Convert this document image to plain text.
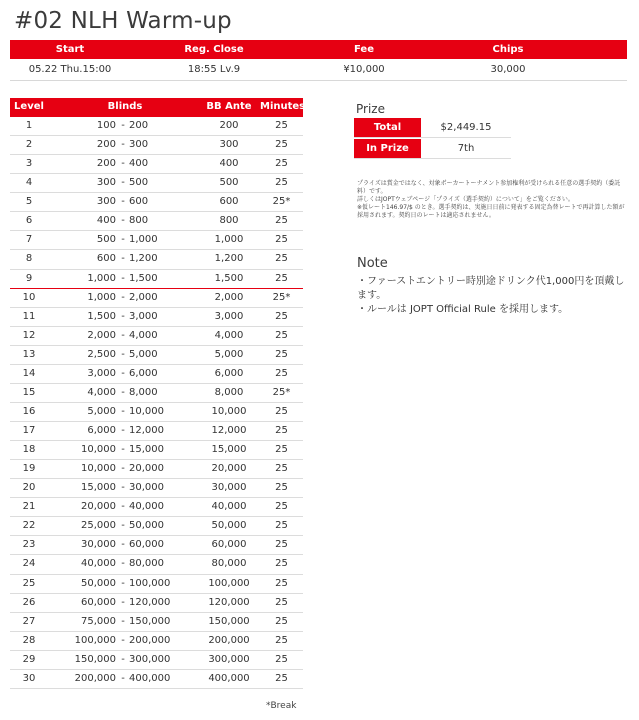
#02 NLH Warm-up
Start	Reg. Close	Fee	Chips
05.22 Thu.15:00	18:55 Lv.9	¥10,000	30,000
Level	Blinds	BB Ante Minutes
1	100 - 200	200	25
2	200 - 300	300	25
3	200 - 400	400	25
4	300 - 500	500	25
5	300 - 600	600	25*
6	400 - 800	800	25
7	500 - 1,000	1,000	25
8	600 - 1,200	1,200	25
9	1,000 - 1,500	1,500	25
10	1,000 - 2,000	2,000	25*
11	1,500 - 3,000	3,000	25
12	2,000 - 4,000	4,000	25
13	2,500 - 5,000	5,000	25
14	3,000 - 6,000	6,000	25
15	4,000 - 8,000	8,000	25*
16	5,000 - 10,000	10,000	25
17	6,000 - 12,000	12,000	25
18	10,000 - 15,000	15,000	25
19	10,000 - 20,000	20,000	25
20	15,000 - 30,000	30,000	25
21	20,000 - 40,000	40,000	25
22	25,000 - 50,000	50,000	25
23	30,000 - 60,000	60,000	25
24	40,000 - 80,000	80,000	25
25	50,000 - 100,000	100,000	25
26	60,000 - 120,000	120,000	25
27	75,000 - 150,000	150,000	25
28	100,000 - 200,000	200,000	25
29	150,000 - 300,000	300,000	25
30	200,000 - 400,000	400,000	25
*Break
Prize
Total	$2,449.15
In Prize	7th

プライズは賞金ではなく、対象ポーカートーナメント参加権利が受けられる任意の選手契約（委託料）です。

詳しくはJOPTウェブページ「プライズ（選手契約）について」をご覧ください。

※仮レート146.97/$ のとき。選手契約は、実施日日前に発表する固定為替レートで再計算した額が採用されます。契約日のレートは適応されません。

Note

・ファーストエントリー時別途ドリンク代1,000円を頂戴します。

・ルールは JOPT Official Rule を採用します。
